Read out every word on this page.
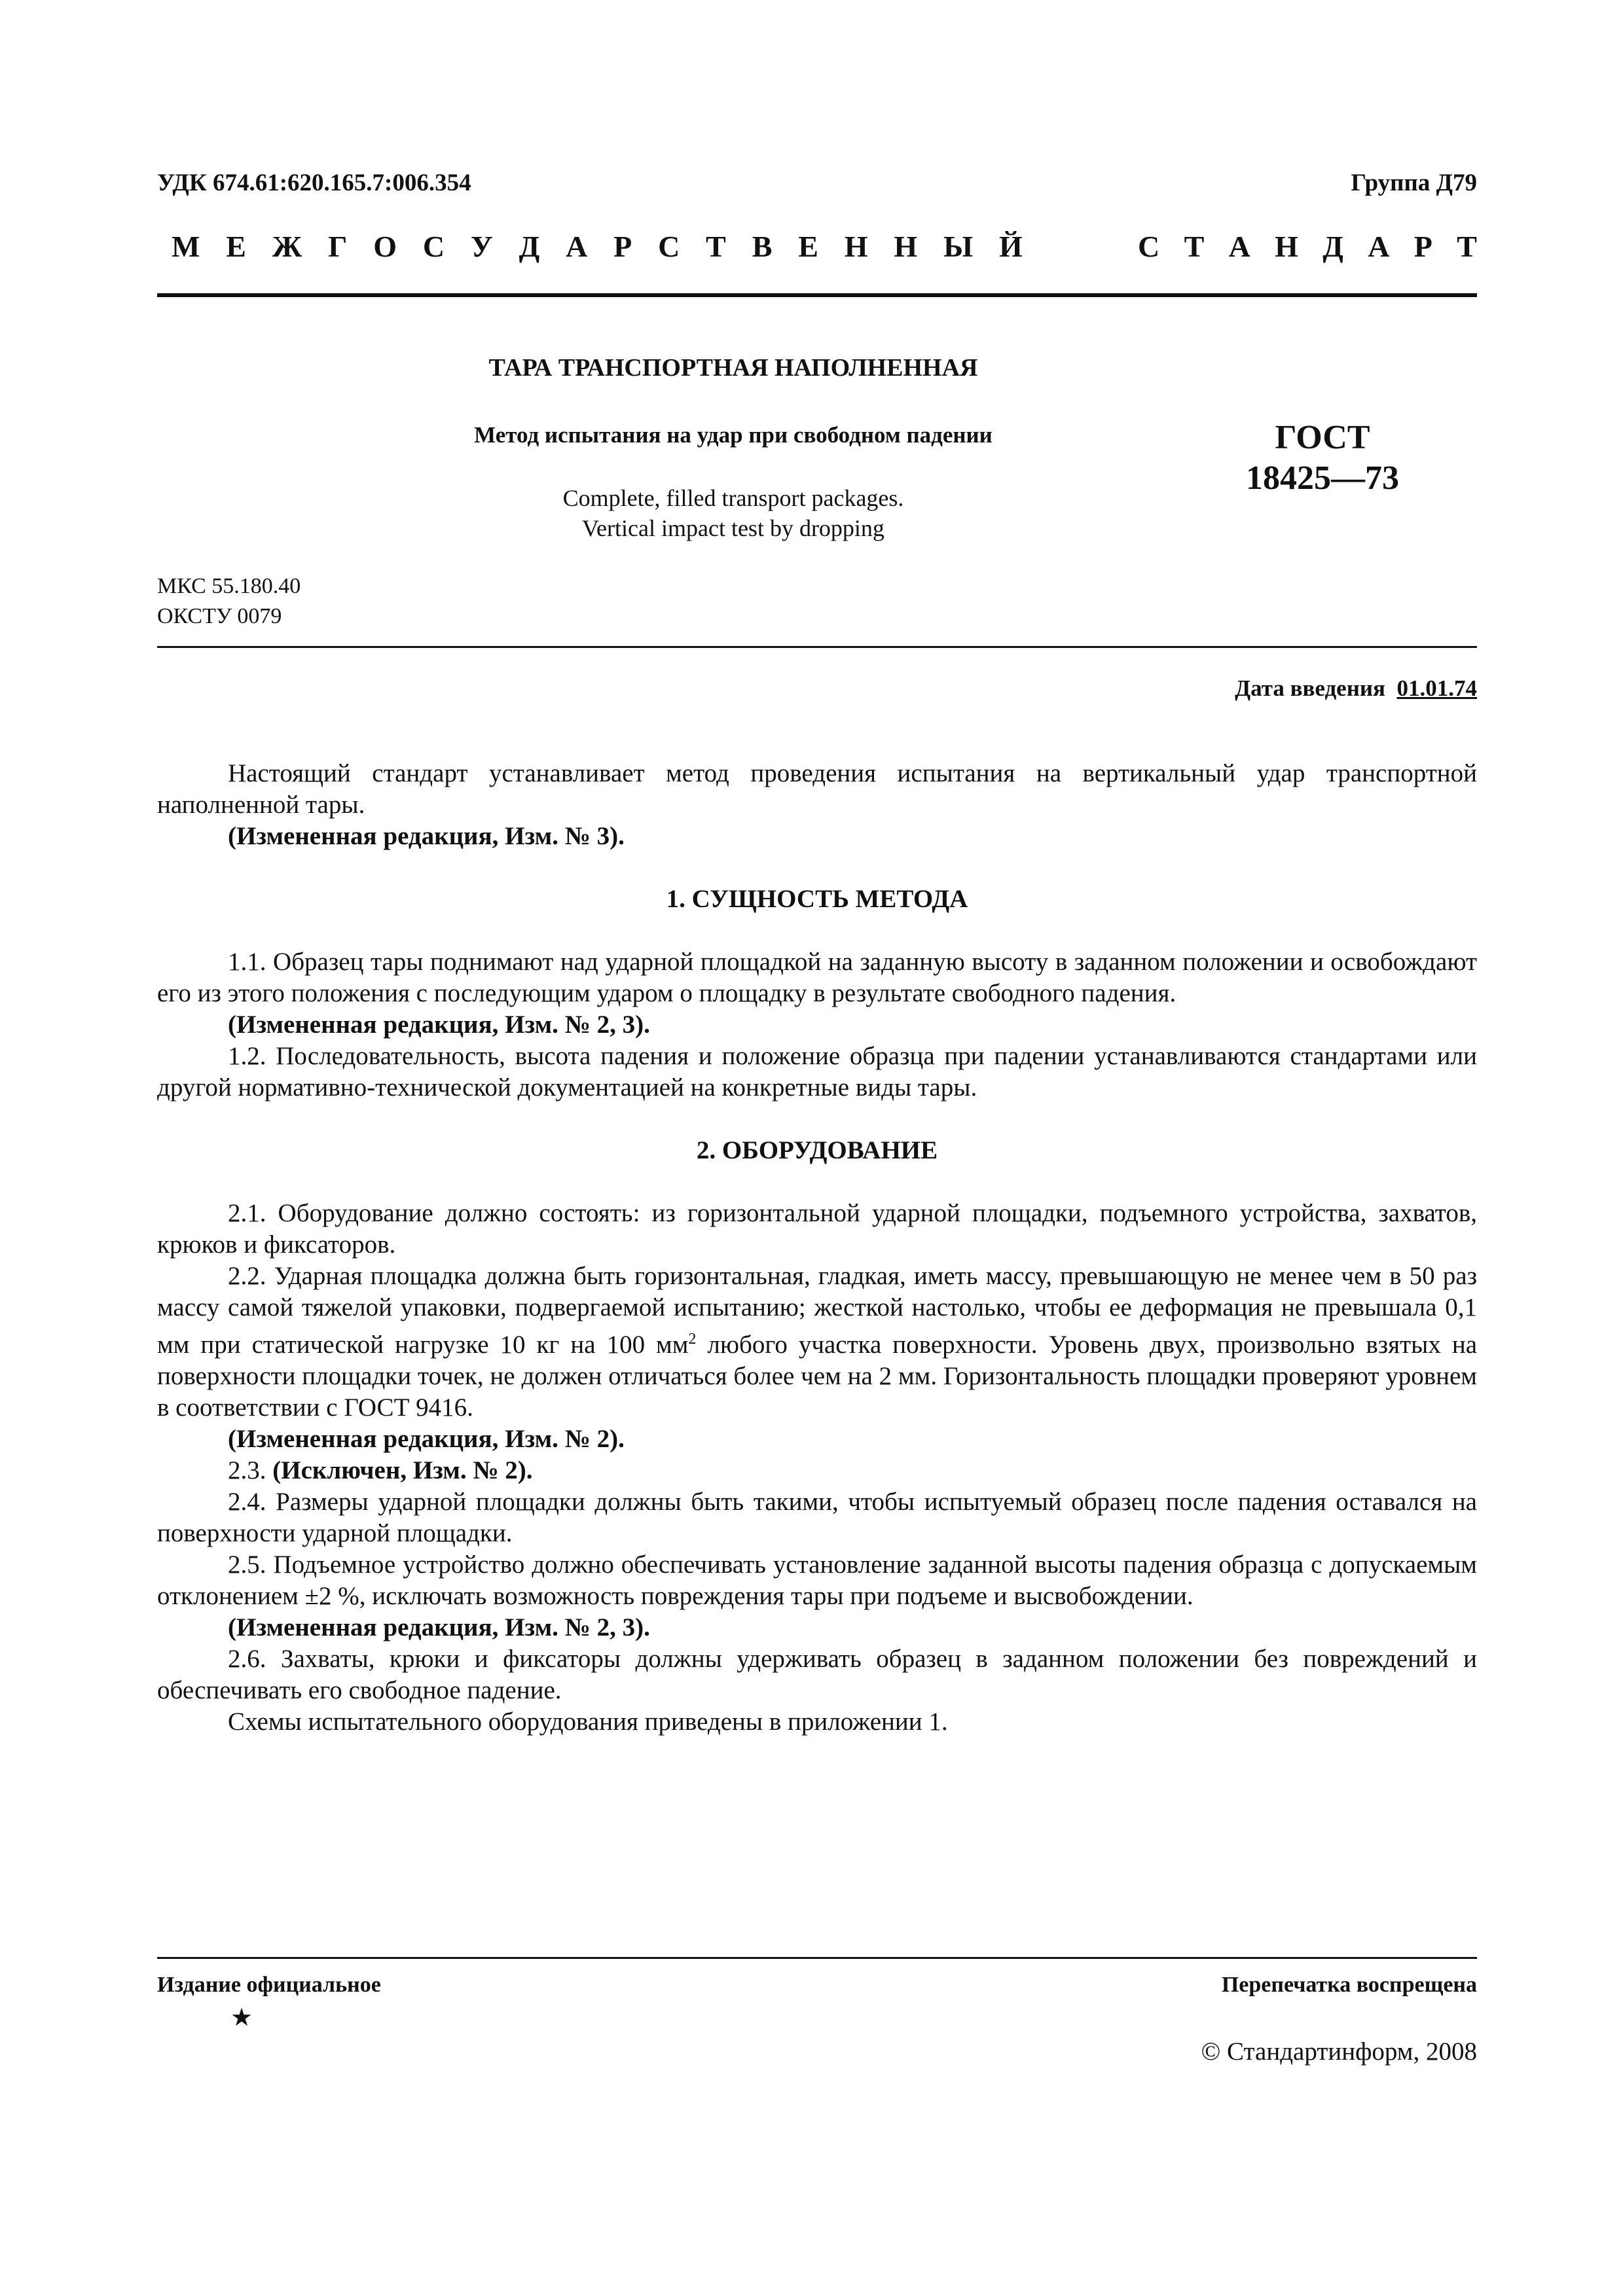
УДК 674.61:620.165.7:006.354	Группа Д79
М Е Ж Г О С У Д А Р С Т В Е Н Н Ы Й	С Т А Н Д А Р Т
ТАРА ТРАНСПОРТНАЯ НАПОЛНЕННАЯ
Метод испытания на удар при свободном падении
Complete, filled transport packages.
Vertical impact test by dropping
ГОСТ
18425—73
МКС 55.180.40
ОКСТУ 0079
Дата введения 01.01.74

Настоящий стандарт устанавливает метод проведения испытания на вертикальный удар транспортной наполненной тары.

(Измененная редакция, Изм. № 3).

1. СУЩНОСТЬ МЕТОДА

1.1. Образец тары поднимают над ударной площадкой на заданную высоту в заданном положении и освобождают его из этого положения с последующим ударом о площадку в результате свободного падения.

(Измененная редакция, Изм. № 2, 3).

1.2. Последовательность, высота падения и положение образца при падении устанавливаются стандартами или другой нормативно-технической документацией на конкретные виды тары.

2. ОБОРУДОВАНИЕ

2.1. Оборудование должно состоять: из горизонтальной ударной площадки, подъемного устройства, захватов, крюков и фиксаторов.

2.2. Ударная площадка должна быть горизонтальная, гладкая, иметь массу, превышающую не менее чем в 50 раз массу самой тяжелой упаковки, подвергаемой испытанию; жесткой настолько, чтобы ее деформация не превышала 0,1 мм при статической нагрузке 10 кг на 100 $мм^2$ любого участка поверхности. Уровень двух, произвольно взятых на поверхности площадки точек, не должен отличаться более чем на 2 мм. Горизонтальность площадки проверяют уровнем в соответствии с ГОСТ 9416.

(Измененная редакция, Изм. № 2).

2.3. (Исключен, Изм. № 2).

2.4. Размеры ударной площадки должны быть такими, чтобы испытуемый образец после падения оставался на поверхности ударной площадки.

2.5. Подъемное устройство должно обеспечивать установление заданной высоты падения образца с допускаемым отклонением ±2 %, исключать возможность повреждения тары при подъеме и высвобождении.

(Измененная редакция, Изм. № 2, 3).

2.6. Захваты, крюки и фиксаторы должны удерживать образец в заданном положении без повреждений и обеспечивать его свободное падение.

Схемы испытательного оборудования приведены в приложении 1.

Издание официальное
★
Перепечатка воспрещена
© Стандартинформ, 2008
